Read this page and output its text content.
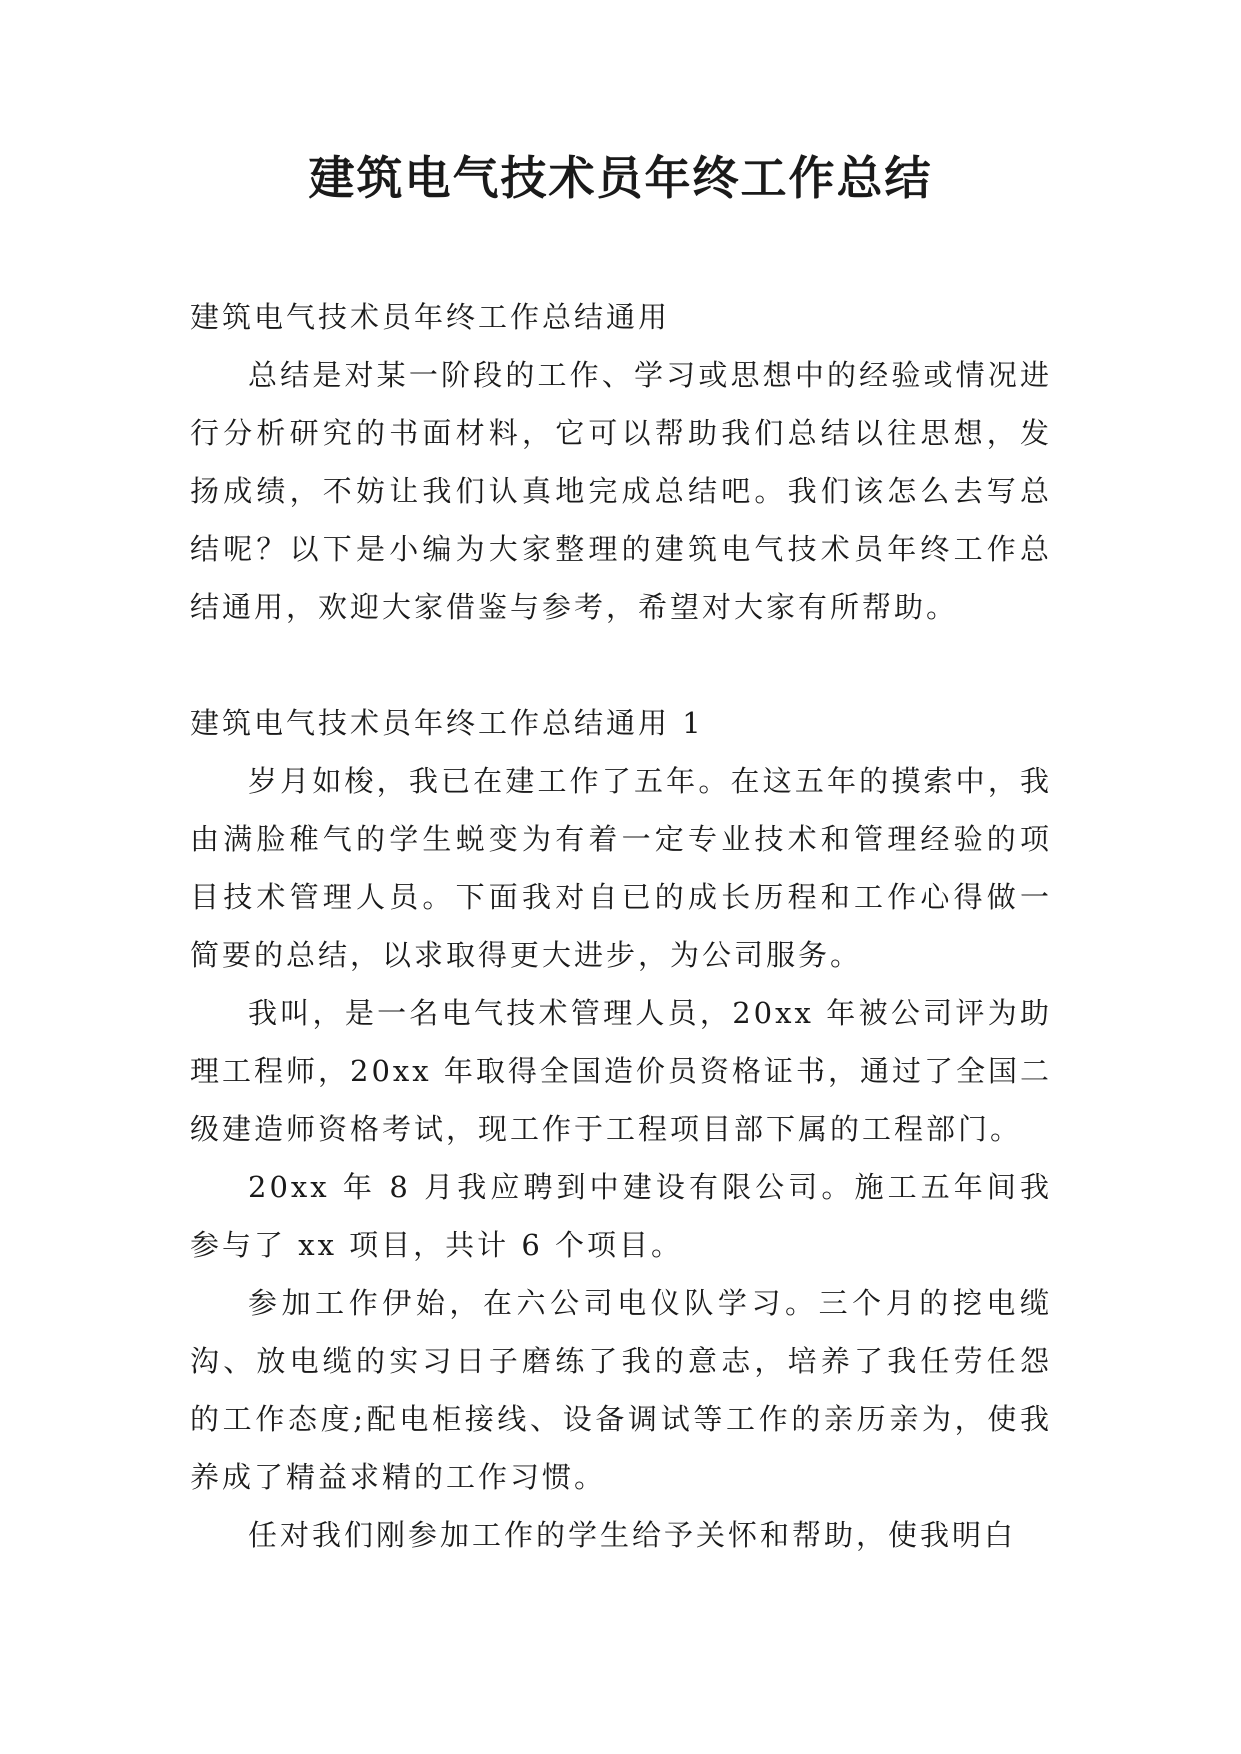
建筑电气技术员年终工作总结

建筑电气技术员年终工作总结通用

总结是对某一阶段的工作、学习或思想中的经验或情况进行分析研究的书面材料，它可以帮助我们总结以往思想，发扬成绩，不妨让我们认真地完成总结吧。我们该怎么去写总结呢？以下是小编为大家整理的建筑电气技术员年终工作总结通用，欢迎大家借鉴与参考，希望对大家有所帮助。

建筑电气技术员年终工作总结通用 1

岁月如梭，我已在建工作了五年。在这五年的摸索中，我由满脸稚气的学生蜕变为有着一定专业技术和管理经验的项目技术管理人员。下面我对自已的成长历程和工作心得做一简要的总结，以求取得更大进步，为公司服务。

我叫，是一名电气技术管理人员，20xx 年被公司评为助理工程师，20xx 年取得全国造价员资格证书，通过了全国二级建造师资格考试，现工作于工程项目部下属的工程部门。

20xx 年 8 月我应聘到中建设有限公司。施工五年间我参与了 xx 项目，共计 6 个项目。

参加工作伊始，在六公司电仪队学习。三个月的挖电缆沟、放电缆的实习日子磨练了我的意志，培养了我任劳任怨的工作态度;配电柜接线、设备调试等工作的亲历亲为，使我养成了精益求精的工作习惯。

任对我们刚参加工作的学生给予关怀和帮助，使我明白
